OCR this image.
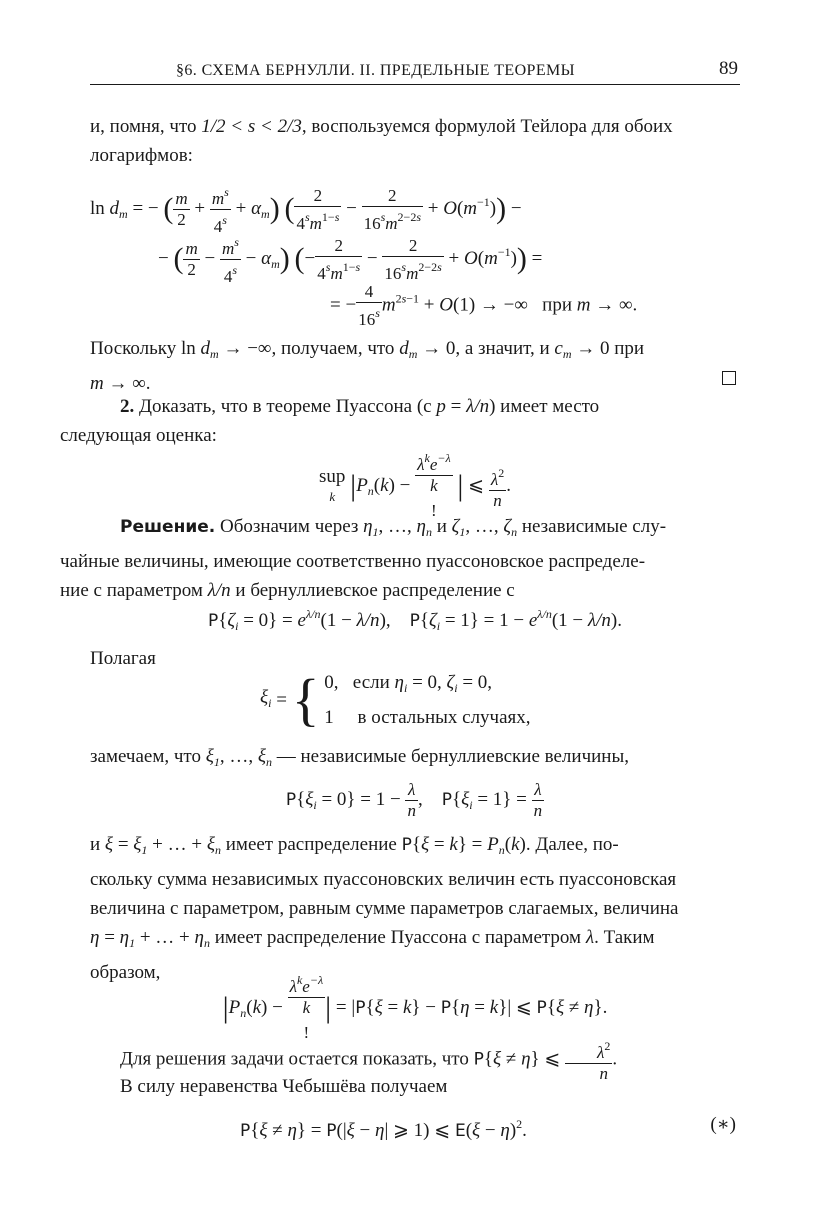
§6. СХЕМА БЕРНУЛЛИ. II. ПРЕДЕЛЬНЫЕ ТЕОРЕМЫ	89
и, помня, что 1/2 < s < 2/3, воспользуемся формулой Тейлора для обоих
логарифмов:
$\ln d_m$ = − ( $\frac{m}{2} + \frac{m^s}{4^s} + \alpha_m$) ( $\frac{2}{4^sm^{1-s}} - \frac{2}{16^sm^{2-2s}} + O(m^{-1})$) −
− ( $\frac{m}{2} - \frac{m^s}{4^s} - \alpha_m$) (− $\frac{2}{4^sm^{1-s}} - \frac{2}{16^sm^{2-2s}} + O(m^{-1})$) =
= − $\frac{4}{16^s} m^{2s-1} + O(1)$ → −∞   при m → ∞.
Поскольку $\ln d_m$ → −∞, получаем, что $d_m \to 0$, а значит, и $c_m \to 0$ при
m → ∞.
2. Доказать, что в теореме Пуассона (с p = λ/n) имеет место
следующая оценка:
sup
k $|P_n(k)$ −
$\lambda^ke^{-\lambda}$
k
! | ⩽ $\frac{\lambda^2}{n}$ .
Решение. Обозначим через $\eta_1$, …, $\eta_n$ и $\zeta_1$, …, $\zeta_n$ независимые слу-
чайные величины, имеющие соответственно пуассоновское распределе-
ние с параметром λ/n и бернуллиевское распределение с
$P\{\zeta_i = 0\} = e^{\lambda/n}(1 - \lambda/n)$,    $P\{\zeta_i = 1\} = 1 - e^{\lambda/n}(1 - \lambda/n)$.
Полагая
$\xi_i$ = { 0, если $\eta_i = 0$, $\zeta_i = 0$,
1 в остальных случаях,
замечаем, что $\xi_1$, …, $\xi_n$ — независимые бернуллиевские величины,
$P\{\xi_i = 0\} = 1 - \frac{\lambda}{n}$ ,    $P\{\xi_i = 1\} = \frac{\lambda}{n}$
и $\xi = \xi_1$ + … + $\xi_n$ имеет распределение $P\{\xi = k\} = P_n(k)$. Далее, по-
скольку сумма независимых пуассоновских величин есть пуассоновская
величина с параметром, равным сумме параметров слагаемых, величина
$\eta = \eta_1$ + … + $\eta_n$ имеет распределение Пуассона с параметром λ. Таким
образом,
$|P_n(k)$ −
$\lambda^ke^{-\lambda}$
k
!| = |P{ξ = k} − P{η = k}| ⩽ P{ξ ≠ η}.
Для решения задачи остается показать, что P{ξ ≠ η} ⩽ $\frac{\lambda^2}{n}$ .
В силу неравенства Чебышёва получаем
P{ξ ≠ η} = P(|ξ − η| ⩾ 1) ⩽ $E(\xi - \eta)^2$.	(∗)
